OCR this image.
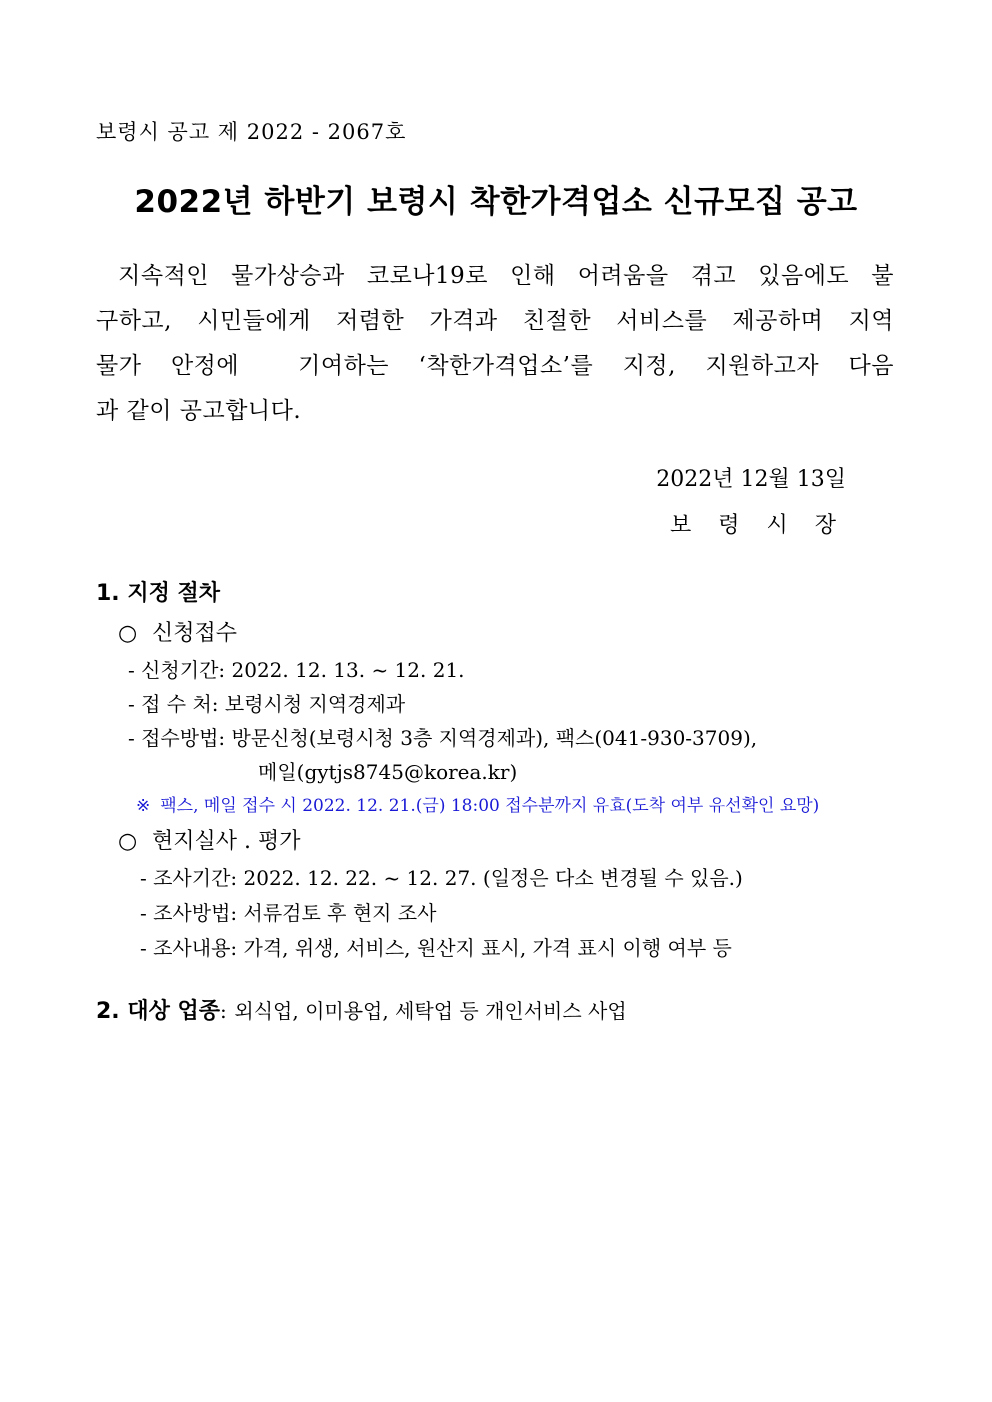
보령시 공고 제 2022 - 2067호
2022년 하반기 보령시 착한가격업소 신규모집 공고
지속적인 물가상승과 코로나19로 인해 어려움을 겪고 있음에도 불
구하고, 시민들에게 저렴한 가격과 친절한 서비스를 제공하며 지역
물가 안정에  기여하는 ‘착한가격업소’를 지정, 지원하고자 다음
과 같이 공고합니다.
2022년 12월 13일
보 령 시 장
1. 지정 절차
○ 신청접수
- 신청기간: 2022. 12. 13. ~ 12. 21.
- 접 수 처: 보령시청 지역경제과
- 접수방법: 방문신청(보령시청 3층 지역경제과), 팩스(041-930-3709),
메일(gytjs8745@korea.kr)
※ 팩스, 메일 접수 시 2022. 12. 21.(금) 18:00 접수분까지 유효(도착 여부 유선확인 요망)
○ 현지실사 . 평가
- 조사기간: 2022. 12. 22. ~ 12. 27. (일정은 다소 변경될 수 있음.)
- 조사방법: 서류검토 후 현지 조사
- 조사내용: 가격, 위생, 서비스, 원산지 표시, 가격 표시 이행 여부 등
2. 대상 업종: 외식업, 이미용업, 세탁업 등 개인서비스 사업
